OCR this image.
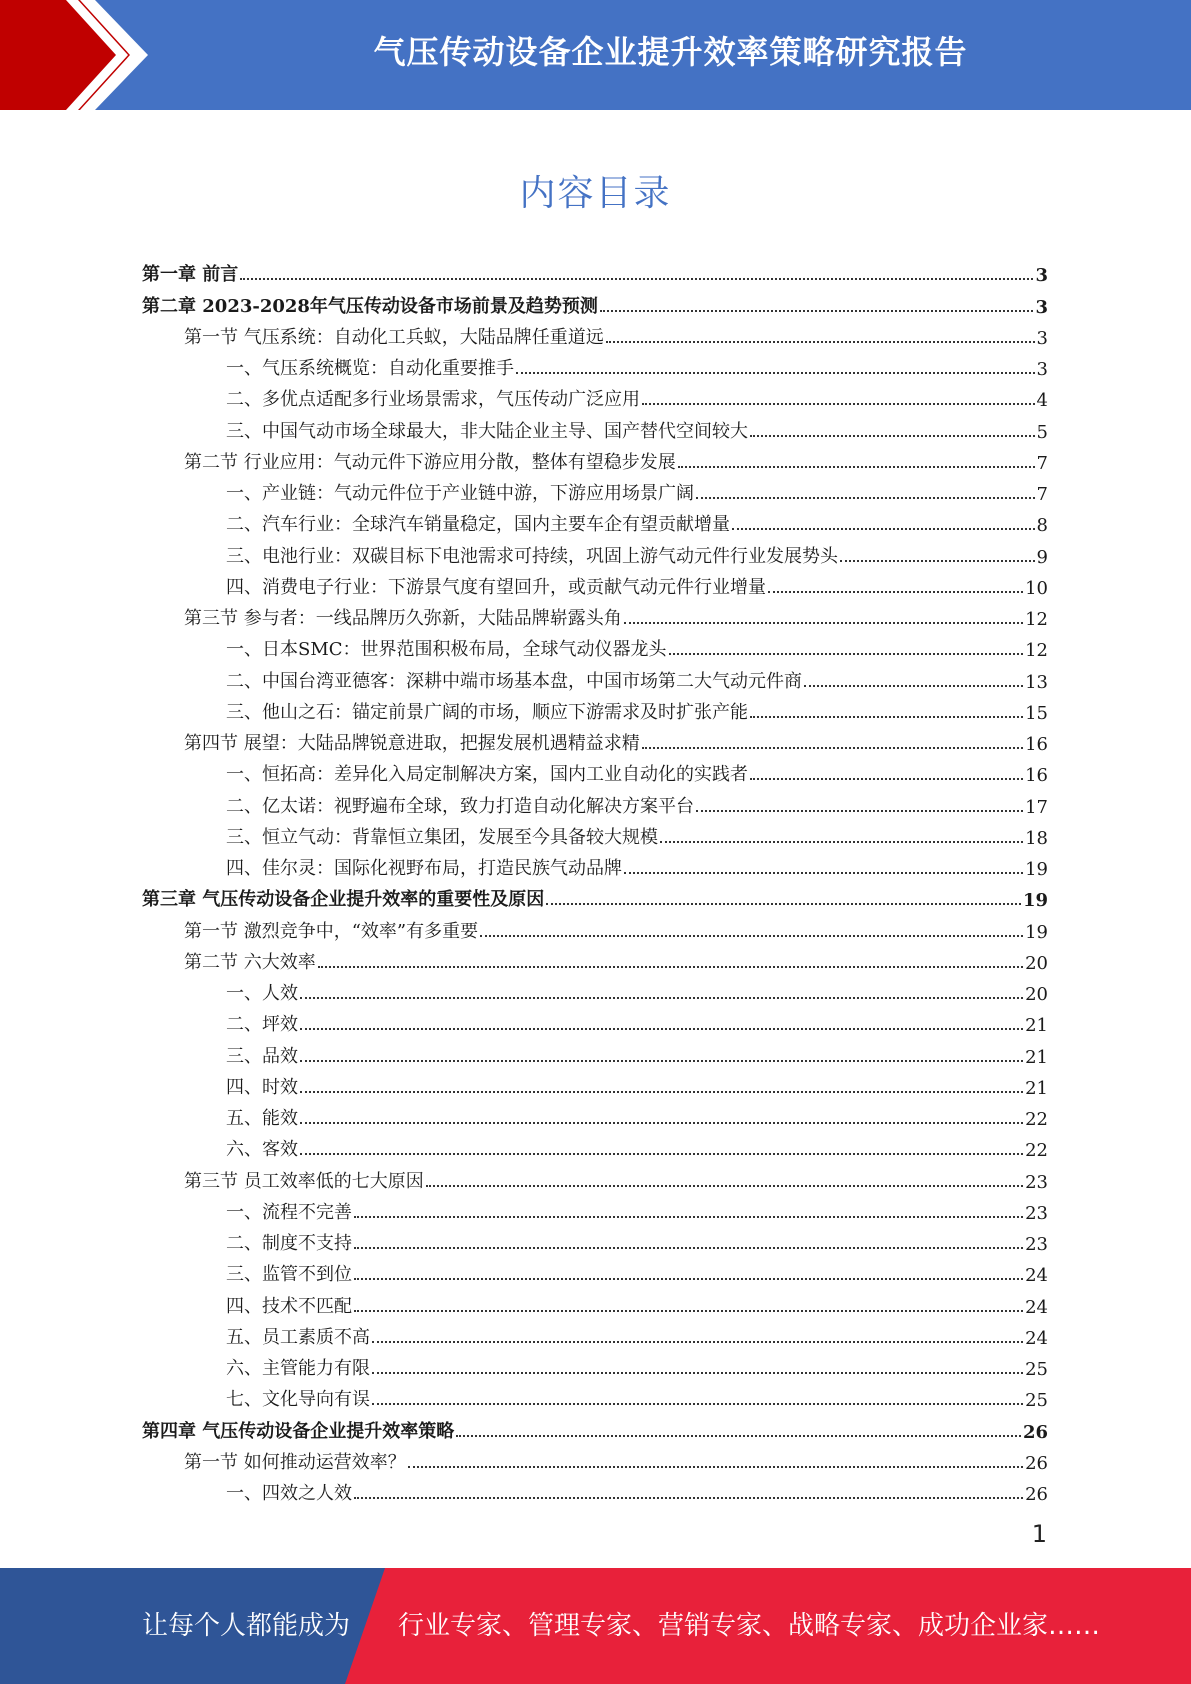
气压传动设备企业提升效率策略研究报告
内容目录
第一章 前言	3
第二章 2023-2028年气压传动设备市场前景及趋势预测	3
第一节 气压系统：自动化工兵蚁，大陆品牌任重道远	3
一、气压系统概览：自动化重要推手	3
二、多优点适配多行业场景需求，气压传动广泛应用	4
三、中国气动市场全球最大，非大陆企业主导、国产替代空间较大	5
第二节 行业应用：气动元件下游应用分散，整体有望稳步发展	7
一、产业链：气动元件位于产业链中游，下游应用场景广阔	7
二、汽车行业：全球汽车销量稳定，国内主要车企有望贡献增量	8
三、电池行业：双碳目标下电池需求可持续，巩固上游气动元件行业发展势头	9
四、消费电子行业：下游景气度有望回升，或贡献气动元件行业增量	10
第三节 参与者：一线品牌历久弥新，大陆品牌崭露头角	12
一、日本SMC：世界范围积极布局，全球气动仪器龙头	12
二、中国台湾亚德客：深耕中端市场基本盘，中国市场第二大气动元件商	13
三、他山之石：锚定前景广阔的市场，顺应下游需求及时扩张产能	15
第四节 展望：大陆品牌锐意进取，把握发展机遇精益求精	16
一、恒拓高：差异化入局定制解决方案，国内工业自动化的实践者	16
二、亿太诺：视野遍布全球，致力打造自动化解决方案平台	17
三、恒立气动：背靠恒立集团，发展至今具备较大规模	18
四、佳尔灵：国际化视野布局，打造民族气动品牌	19
第三章 气压传动设备企业提升效率的重要性及原因	19
第一节 激烈竞争中，“效率”有多重要	19
第二节 六大效率	20
一、人效	20
二、坪效	21
三、品效	21
四、时效	21
五、能效	22
六、客效	22
第三节 员工效率低的七大原因	23
一、流程不完善	23
二、制度不支持	23
三、监管不到位	24
四、技术不匹配	24
五、员工素质不高	24
六、主管能力有限	25
七、文化导向有误	25
第四章 气压传动设备企业提升效率策略	26
第一节 如何推动运营效率？	26
一、四效之人效	26
1
让每个人都能成为 行业专家、管理专家、营销专家、战略专家、成功企业家……
